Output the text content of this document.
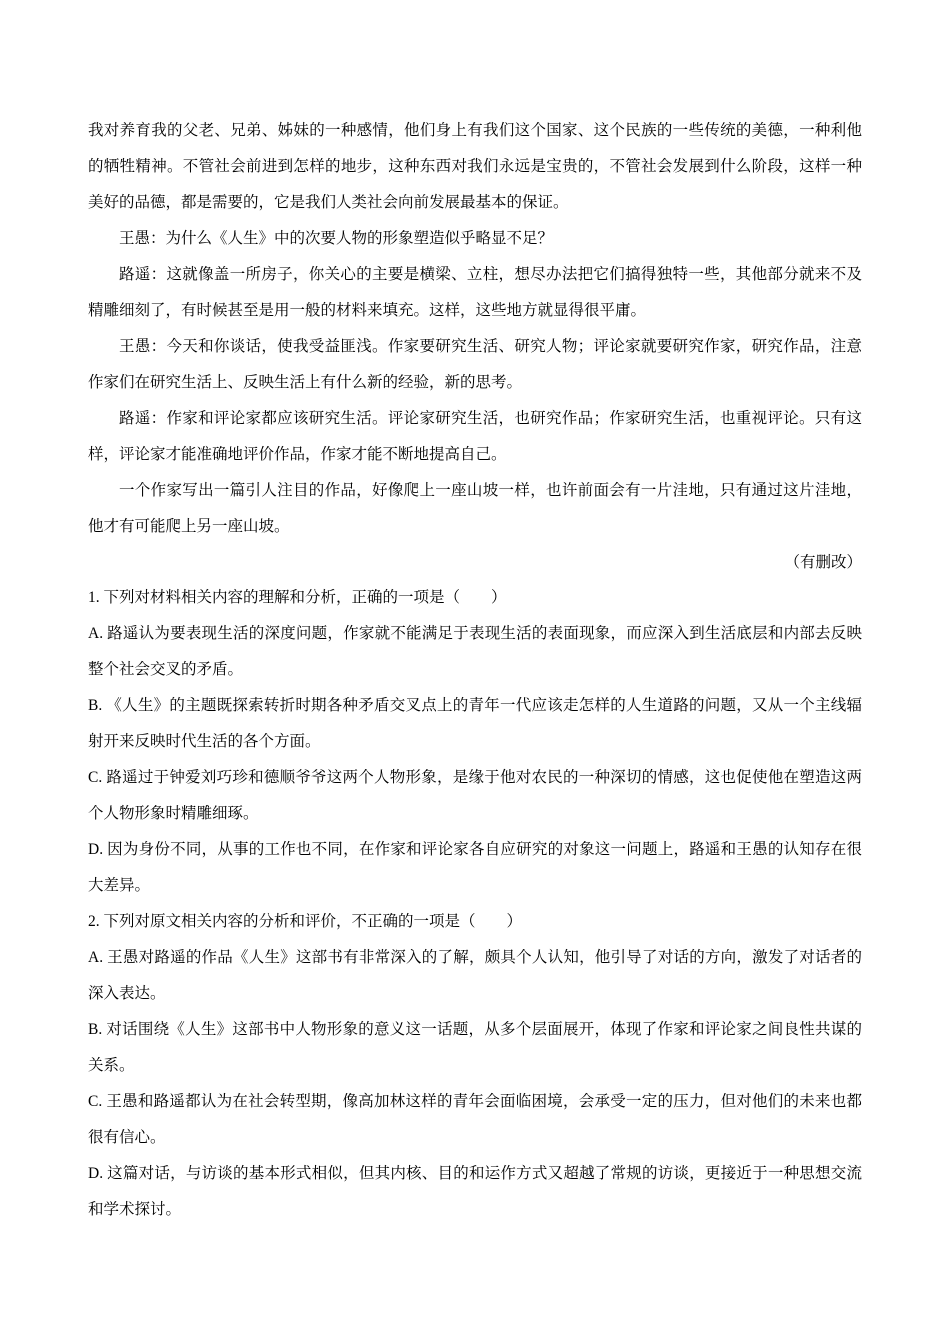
我对养育我的父老、兄弟、姊妹的一种感情，他们身上有我们这个国家、这个民族的一些传统的美德，一种利他的牺牲精神。不管社会前进到怎样的地步，这种东西对我们永远是宝贵的，不管社会发展到什么阶段，这样一种美好的品德，都是需要的，它是我们人类社会向前发展最基本的保证。

王愚：为什么《人生》中的次要人物的形象塑造似乎略显不足？

路遥：这就像盖一所房子，你关心的主要是横梁、立柱，想尽办法把它们搞得独特一些，其他部分就来不及精雕细刻了，有时候甚至是用一般的材料来填充。这样，这些地方就显得很平庸。

王愚：今天和你谈话，使我受益匪浅。作家要研究生活、研究人物；评论家就要研究作家，研究作品，注意作家们在研究生活上、反映生活上有什么新的经验，新的思考。

路遥：作家和评论家都应该研究生活。评论家研究生活，也研究作品；作家研究生活，也重视评论。只有这样，评论家才能准确地评价作品，作家才能不断地提高自己。

一个作家写出一篇引人注目的作品，好像爬上一座山坡一样，也许前面会有一片洼地，只有通过这片洼地，他才有可能爬上另一座山坡。

（有删改）

1. 下列对材料相关内容的理解和分析，正确的一项是（　　）

A. 路遥认为要表现生活的深度问题，作家就不能满足于表现生活的表面现象，而应深入到生活底层和内部去反映整个社会交叉的矛盾。

B. 《人生》的主题既探索转折时期各种矛盾交叉点上的青年一代应该走怎样的人生道路的问题，又从一个主线辐射开来反映时代生活的各个方面。

C. 路遥过于钟爱刘巧珍和德顺爷爷这两个人物形象，是缘于他对农民的一种深切的情感，这也促使他在塑造这两个人物形象时精雕细琢。

D. 因为身份不同，从事的工作也不同，在作家和评论家各自应研究的对象这一问题上，路遥和王愚的认知存在很大差异。

2. 下列对原文相关内容的分析和评价，不正确的一项是（　　）

A. 王愚对路遥的作品《人生》这部书有非常深入的了解，颇具个人认知，他引导了对话的方向，激发了对话者的深入表达。

B. 对话围绕《人生》这部书中人物形象的意义这一话题，从多个层面展开，体现了作家和评论家之间良性共谋的关系。

C. 王愚和路遥都认为在社会转型期，像高加林这样的青年会面临困境，会承受一定的压力，但对他们的未来也都很有信心。

D. 这篇对话，与访谈的基本形式相似，但其内核、目的和运作方式又超越了常规的访谈，更接近于一种思想交流和学术探讨。
